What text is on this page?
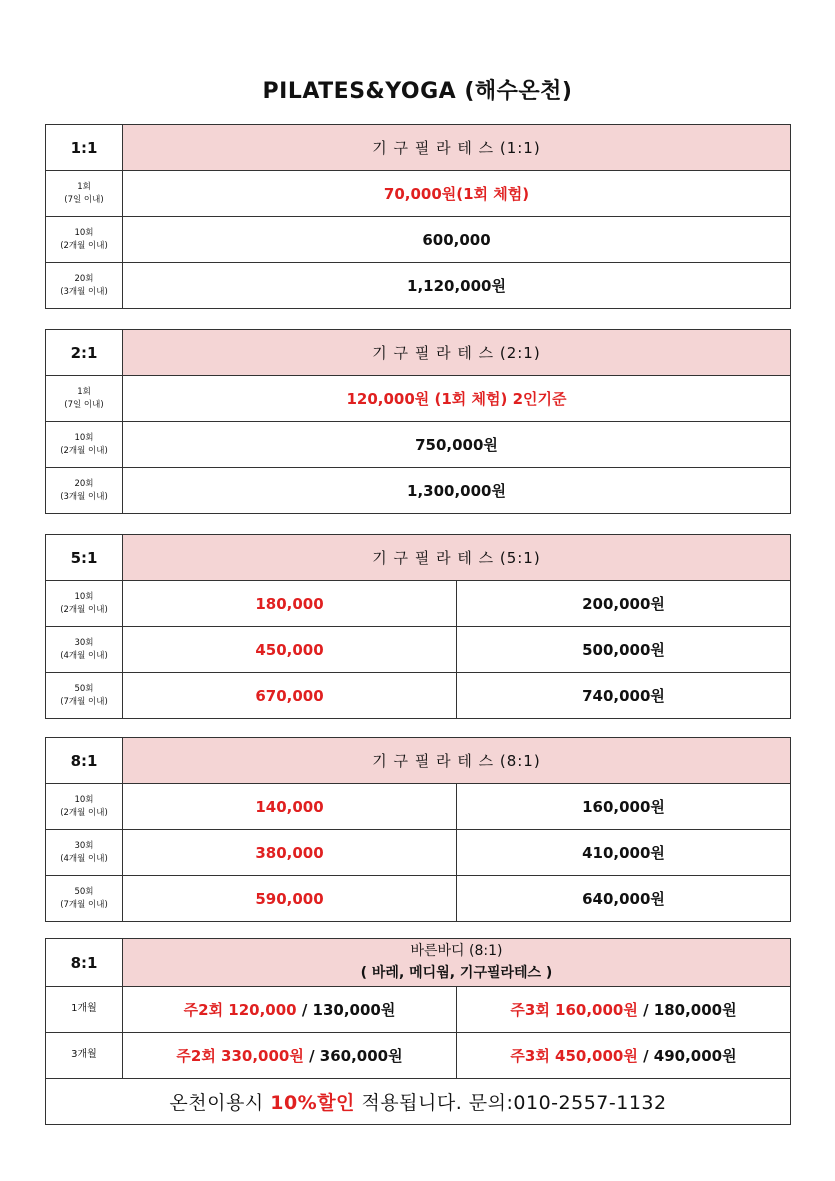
PILATES&YOGA (해수온천)
1:1	기 구 필 라 테 스 (1:1)

1회
(7일 이내)	70,000원(1회 체험)

10회
(2개월 이내)	600,000

20회
(3개월 이내)	1,120,000원
2:1	기 구 필 라 테 스 (2:1)

1회
(7일 이내)	120,000원 (1회 체험) 2인기준

10회
(2개월 이내)	750,000원

20회
(3개월 이내)	1,300,000원
5:1	기 구 필 라 테 스 (5:1)	

10회
(2개월 이내)	180,000	200,000원

30회
(4개월 이내)	450,000	500,000원

50회
(7개월 이내)	670,000	740,000원
8:1	기 구 필 라 테 스 (8:1)	

10회
(2개월 이내)	140,000	160,000원

30회
(4개월 이내)	380,000	410,000원

50회
(7개월 이내)	590,000	640,000원
8:1	바른바디 (8:1)
( 바레, 메디웜, 기구필라테스 )	

1개월	주2회 120,000 / 130,000원	주3회 160,000원 / 180,000원
3개월	주2회 330,000원 / 360,000원	주3회 450,000원 / 490,000원
온천이용시 10%할인 적용됩니다. 문의:010-2557-1132		
